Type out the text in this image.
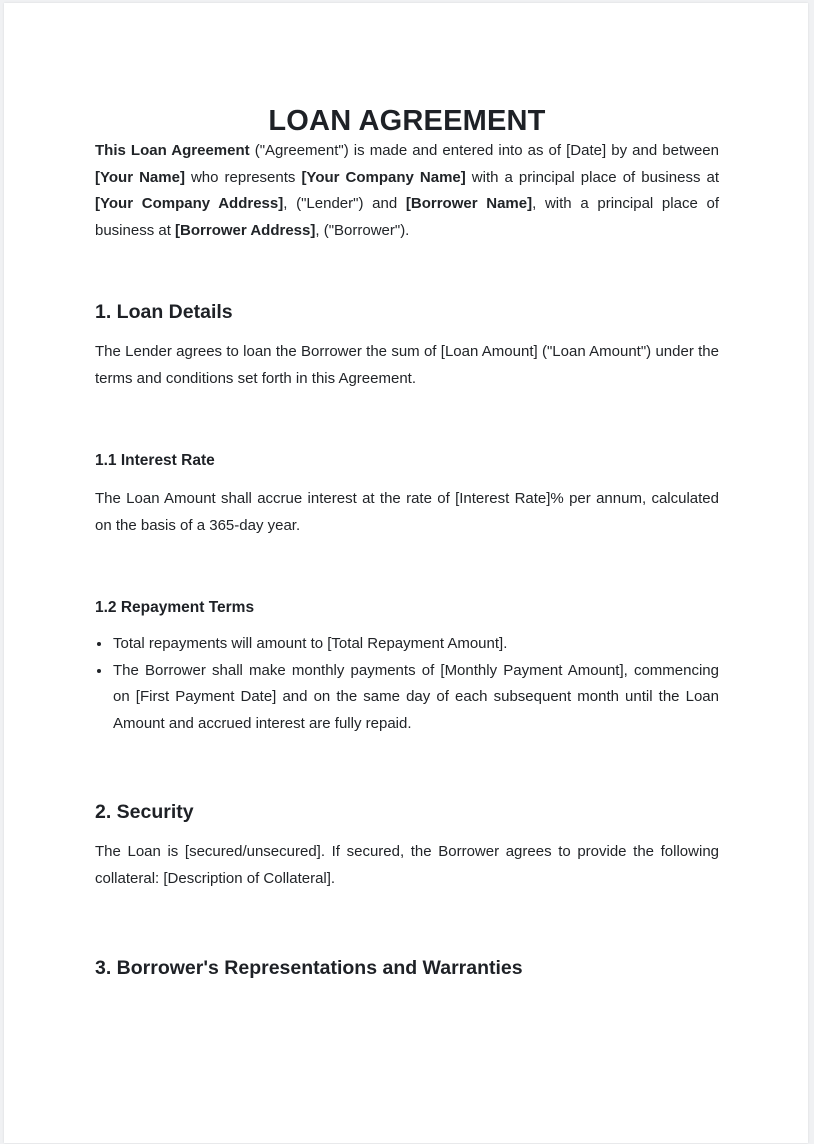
LOAN AGREEMENT

This Loan Agreement ("Agreement") is made and entered into as of [Date] by and between [Your Name] who represents [Your Company Name] with a principal place of business at [Your Company Address], ("Lender") and [Borrower Name], with a principal place of business at [Borrower Address], ("Borrower").

1. Loan Details

The Lender agrees to loan the Borrower the sum of [Loan Amount] ("Loan Amount") under the terms and conditions set forth in this Agreement.

1.1 Interest Rate

The Loan Amount shall accrue interest at the rate of [Interest Rate]% per annum, calculated on the basis of a 365-day year.

1.2 Repayment Terms
• Total repayments will amount to [Total Repayment Amount].
• The Borrower shall make monthly payments of [Monthly Payment Amount], commencing on [First Payment Date] and on the same day of each subsequent month until the Loan Amount and accrued interest are fully repaid.
2. Security

The Loan is [secured/unsecured]. If secured, the Borrower agrees to provide the following collateral: [Description of Collateral].

3. Borrower's Representations and Warranties
